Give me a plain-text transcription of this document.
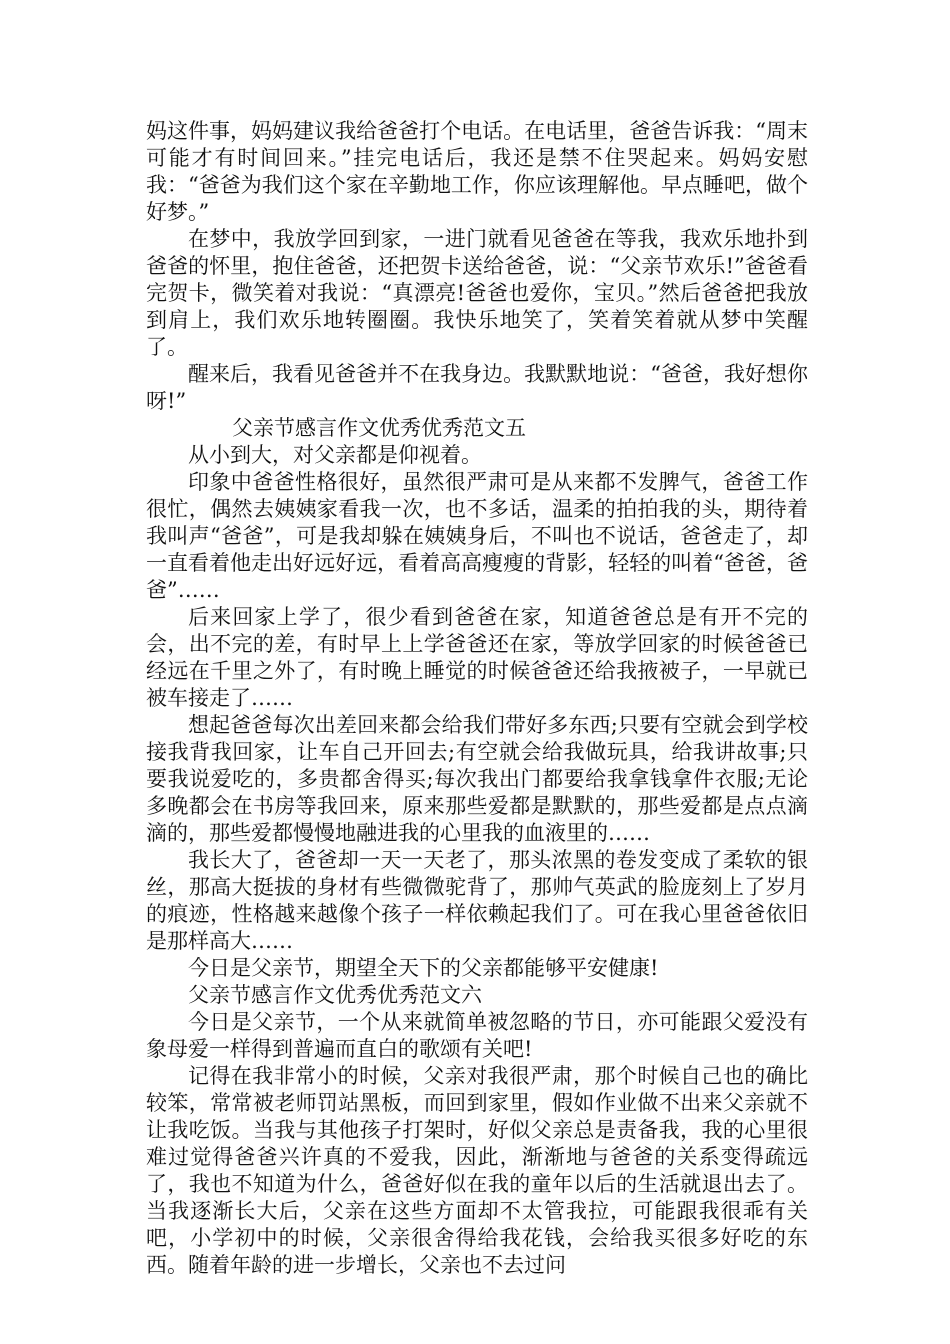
妈这件事，妈妈建议我给爸爸打个电话。在电话里，爸爸告诉我：“周末可能才有时间回来。”挂完电话后，我还是禁不住哭起来。妈妈安慰我：“爸爸为我们这个家在辛勤地工作，你应该理解他。早点睡吧，做个好梦。”

在梦中，我放学回到家，一进门就看见爸爸在等我，我欢乐地扑到爸爸的怀里，抱住爸爸，还把贺卡送给爸爸，说：“父亲节欢乐!”爸爸看完贺卡，微笑着对我说：“真漂亮!爸爸也爱你，宝贝。”然后爸爸把我放到肩上，我们欢乐地转圈圈。我快乐地笑了，笑着笑着就从梦中笑醒了。

醒来后，我看见爸爸并不在我身边。我默默地说：“爸爸，我好想你呀!”

父亲节感言作文优秀优秀范文五

从小到大，对父亲都是仰视着。

印象中爸爸性格很好，虽然很严肃可是从来都不发脾气，爸爸工作很忙，偶然去姨姨家看我一次，也不多话，温柔的拍拍我的头，期待着我叫声“爸爸”，可是我却躲在姨姨身后，不叫也不说话，爸爸走了，却一直看着他走出好远好远，看着高高瘦瘦的背影，轻轻的叫着“爸爸，爸爸”……

后来回家上学了，很少看到爸爸在家，知道爸爸总是有开不完的会，出不完的差，有时早上上学爸爸还在家，等放学回家的时候爸爸已经远在千里之外了，有时晚上睡觉的时候爸爸还给我掖被子，一早就已被车接走了……

想起爸爸每次出差回来都会给我们带好多东西;只要有空就会到学校接我背我回家，让车自己开回去;有空就会给我做玩具，给我讲故事;只要我说爱吃的，多贵都舍得买;每次我出门都要给我拿钱拿件衣服;无论多晚都会在书房等我回来，原来那些爱都是默默的，那些爱都是点点滴滴的，那些爱都慢慢地融进我的心里我的血液里的……

我长大了，爸爸却一天一天老了，那头浓黑的卷发变成了柔软的银丝，那高大挺拔的身材有些微微驼背了，那帅气英武的脸庞刻上了岁月的痕迹，性格越来越像个孩子一样依赖起我们了。可在我心里爸爸依旧是那样高大……

今日是父亲节，期望全天下的父亲都能够平安健康!

父亲节感言作文优秀优秀范文六

今日是父亲节，一个从来就简单被忽略的节日，亦可能跟父爱没有象母爱一样得到普遍而直白的歌颂有关吧!

记得在我非常小的时候，父亲对我很严肃，那个时候自己也的确比较笨，常常被老师罚站黑板，而回到家里，假如作业做不出来父亲就不让我吃饭。当我与其他孩子打架时，好似父亲总是责备我，我的心里很难过觉得爸爸兴许真的不爱我，因此，渐渐地与爸爸的关系变得疏远了，我也不知道为什么，爸爸好似在我的童年以后的生活就退出去了。当我逐渐长大后，父亲在这些方面却不太管我拉，可能跟我很乖有关吧，小学初中的时候，父亲很舍得给我花钱，会给我买很多好吃的东西。随着年龄的进一步增长，父亲也不去过问
